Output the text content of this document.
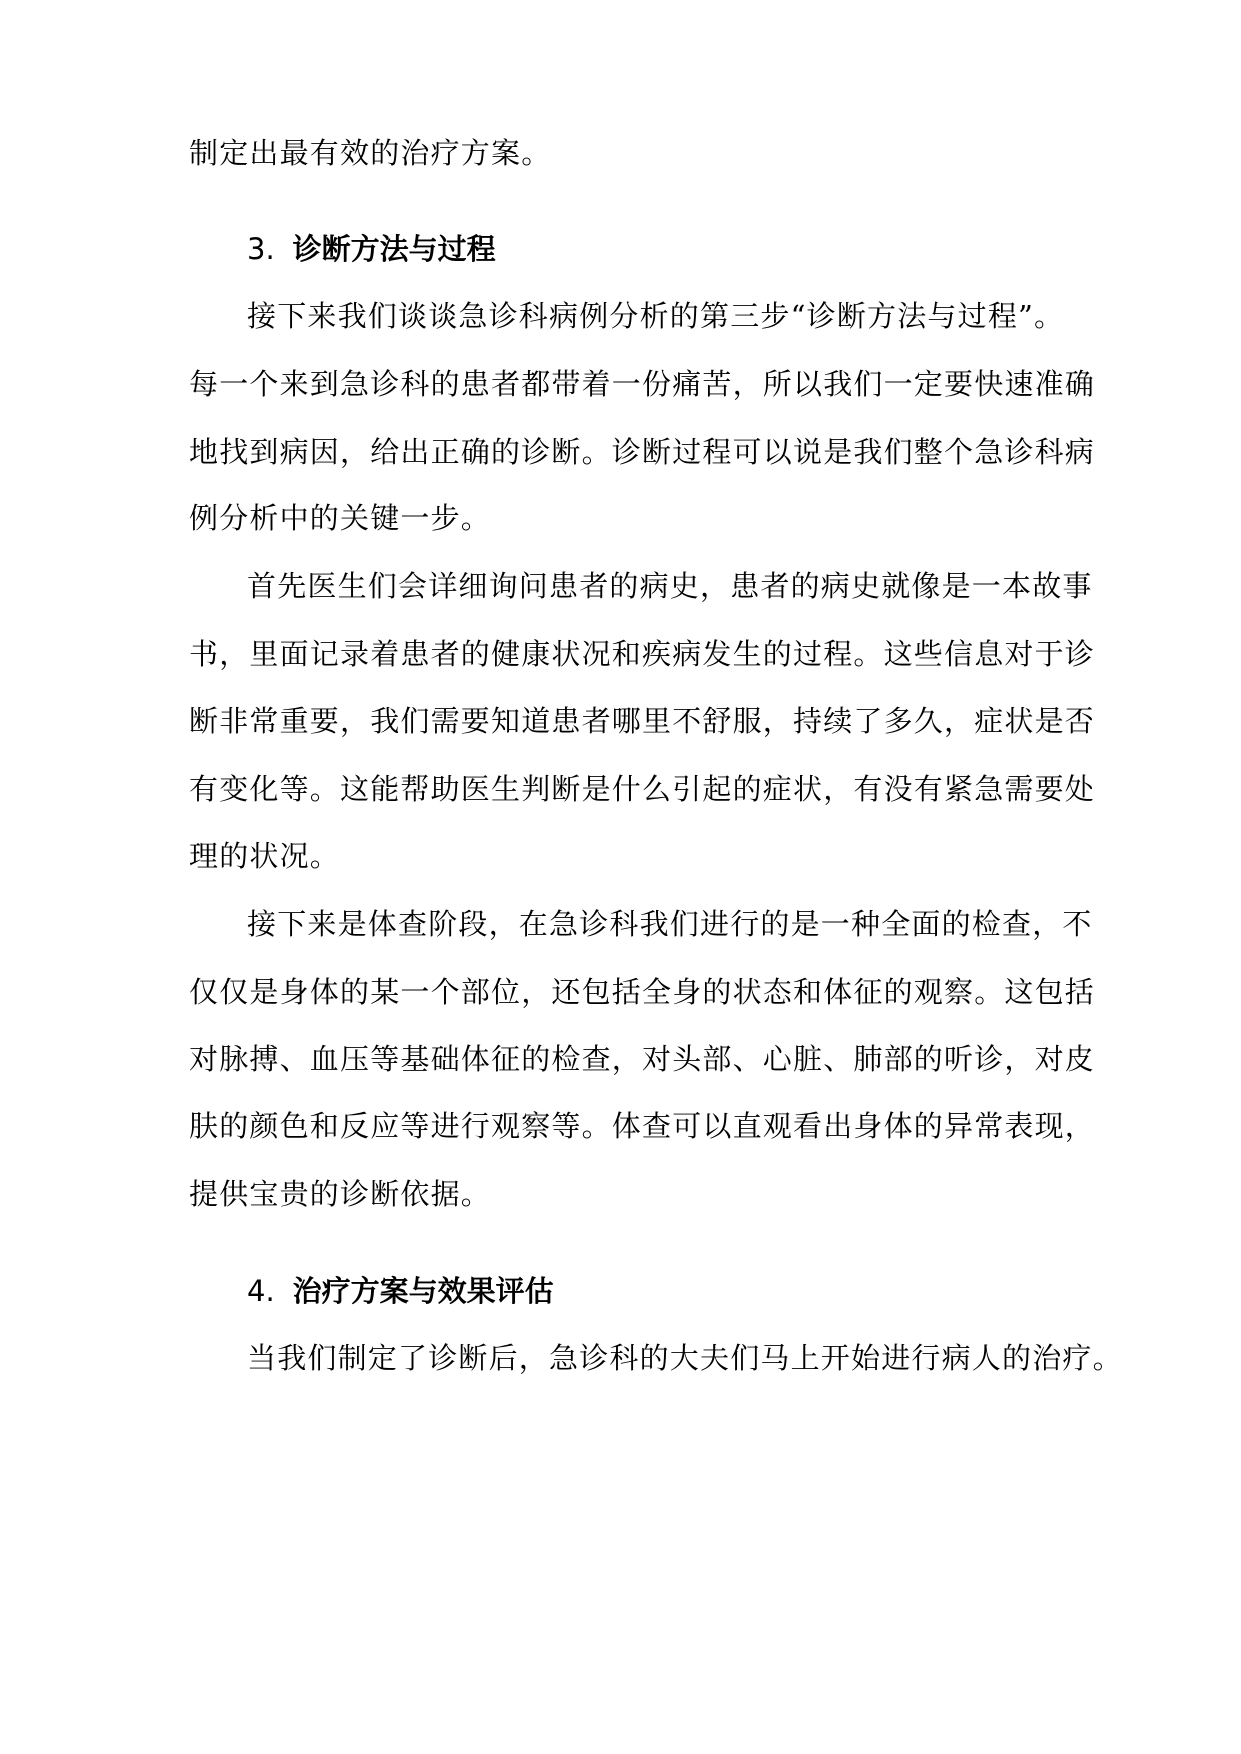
制定出最有效的治疗方案。
3. 诊断方法与过程
接下来我们谈谈急诊科病例分析的第三步“诊断方法与过程”。
每一个来到急诊科的患者都带着一份痛苦，所以我们一定要快速准确
地找到病因，给出正确的诊断。诊断过程可以说是我们整个急诊科病
例分析中的关键一步。
首先医生们会详细询问患者的病史，患者的病史就像是一本故事
书，里面记录着患者的健康状况和疾病发生的过程。这些信息对于诊
断非常重要，我们需要知道患者哪里不舒服，持续了多久，症状是否
有变化等。这能帮助医生判断是什么引起的症状，有没有紧急需要处
理的状况。
接下来是体查阶段，在急诊科我们进行的是一种全面的检查，不
仅仅是身体的某一个部位，还包括全身的状态和体征的观察。这包括
对脉搏、血压等基础体征的检查，对头部、心脏、肺部的听诊，对皮
肤的颜色和反应等进行观察等。体查可以直观看出身体的异常表现，
提供宝贵的诊断依据。
4. 治疗方案与效果评估
当我们制定了诊断后，急诊科的大夫们马上开始进行病人的治疗。
